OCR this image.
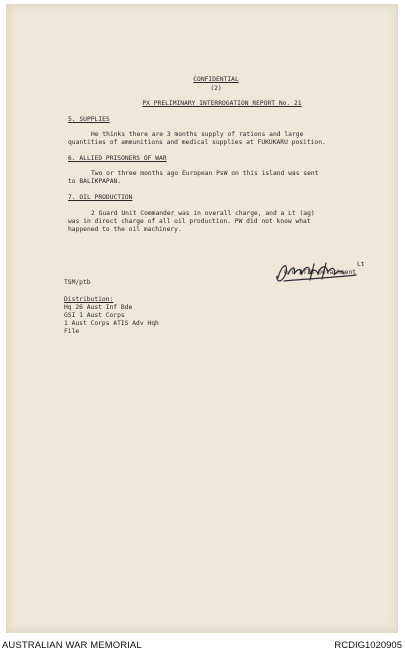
CONFIDENTIAL
(2)
PX PRELIMINARY INTERROGATION REPORT No. 21
5. SUPPLIES
He thinks there are 3 months supply of rations and large
quantities of ammunitions and medical supplies at FUKUKARU position.
6. ALLIED PRISONERS OF WAR
Two or three months ago European PsW on this island was sent
to BALIKPAPAN.
7. OIL PRODUCTION
2 Guard Unit Commander was in overall charge, and a Lt (ag)
was in direct charge of all oil production. PW did not know what
happened to the oil machinery.
Lt
O/C ATIS Detachment
TSM/ptb
Distribution:
Hq 26 Aust Inf Bde
GSI 1 Aust Corps
1 Aust Corps ATIS Adv Hqh
File
AUSTRALIAN WAR MEMORIAL	RCDIG1020905
